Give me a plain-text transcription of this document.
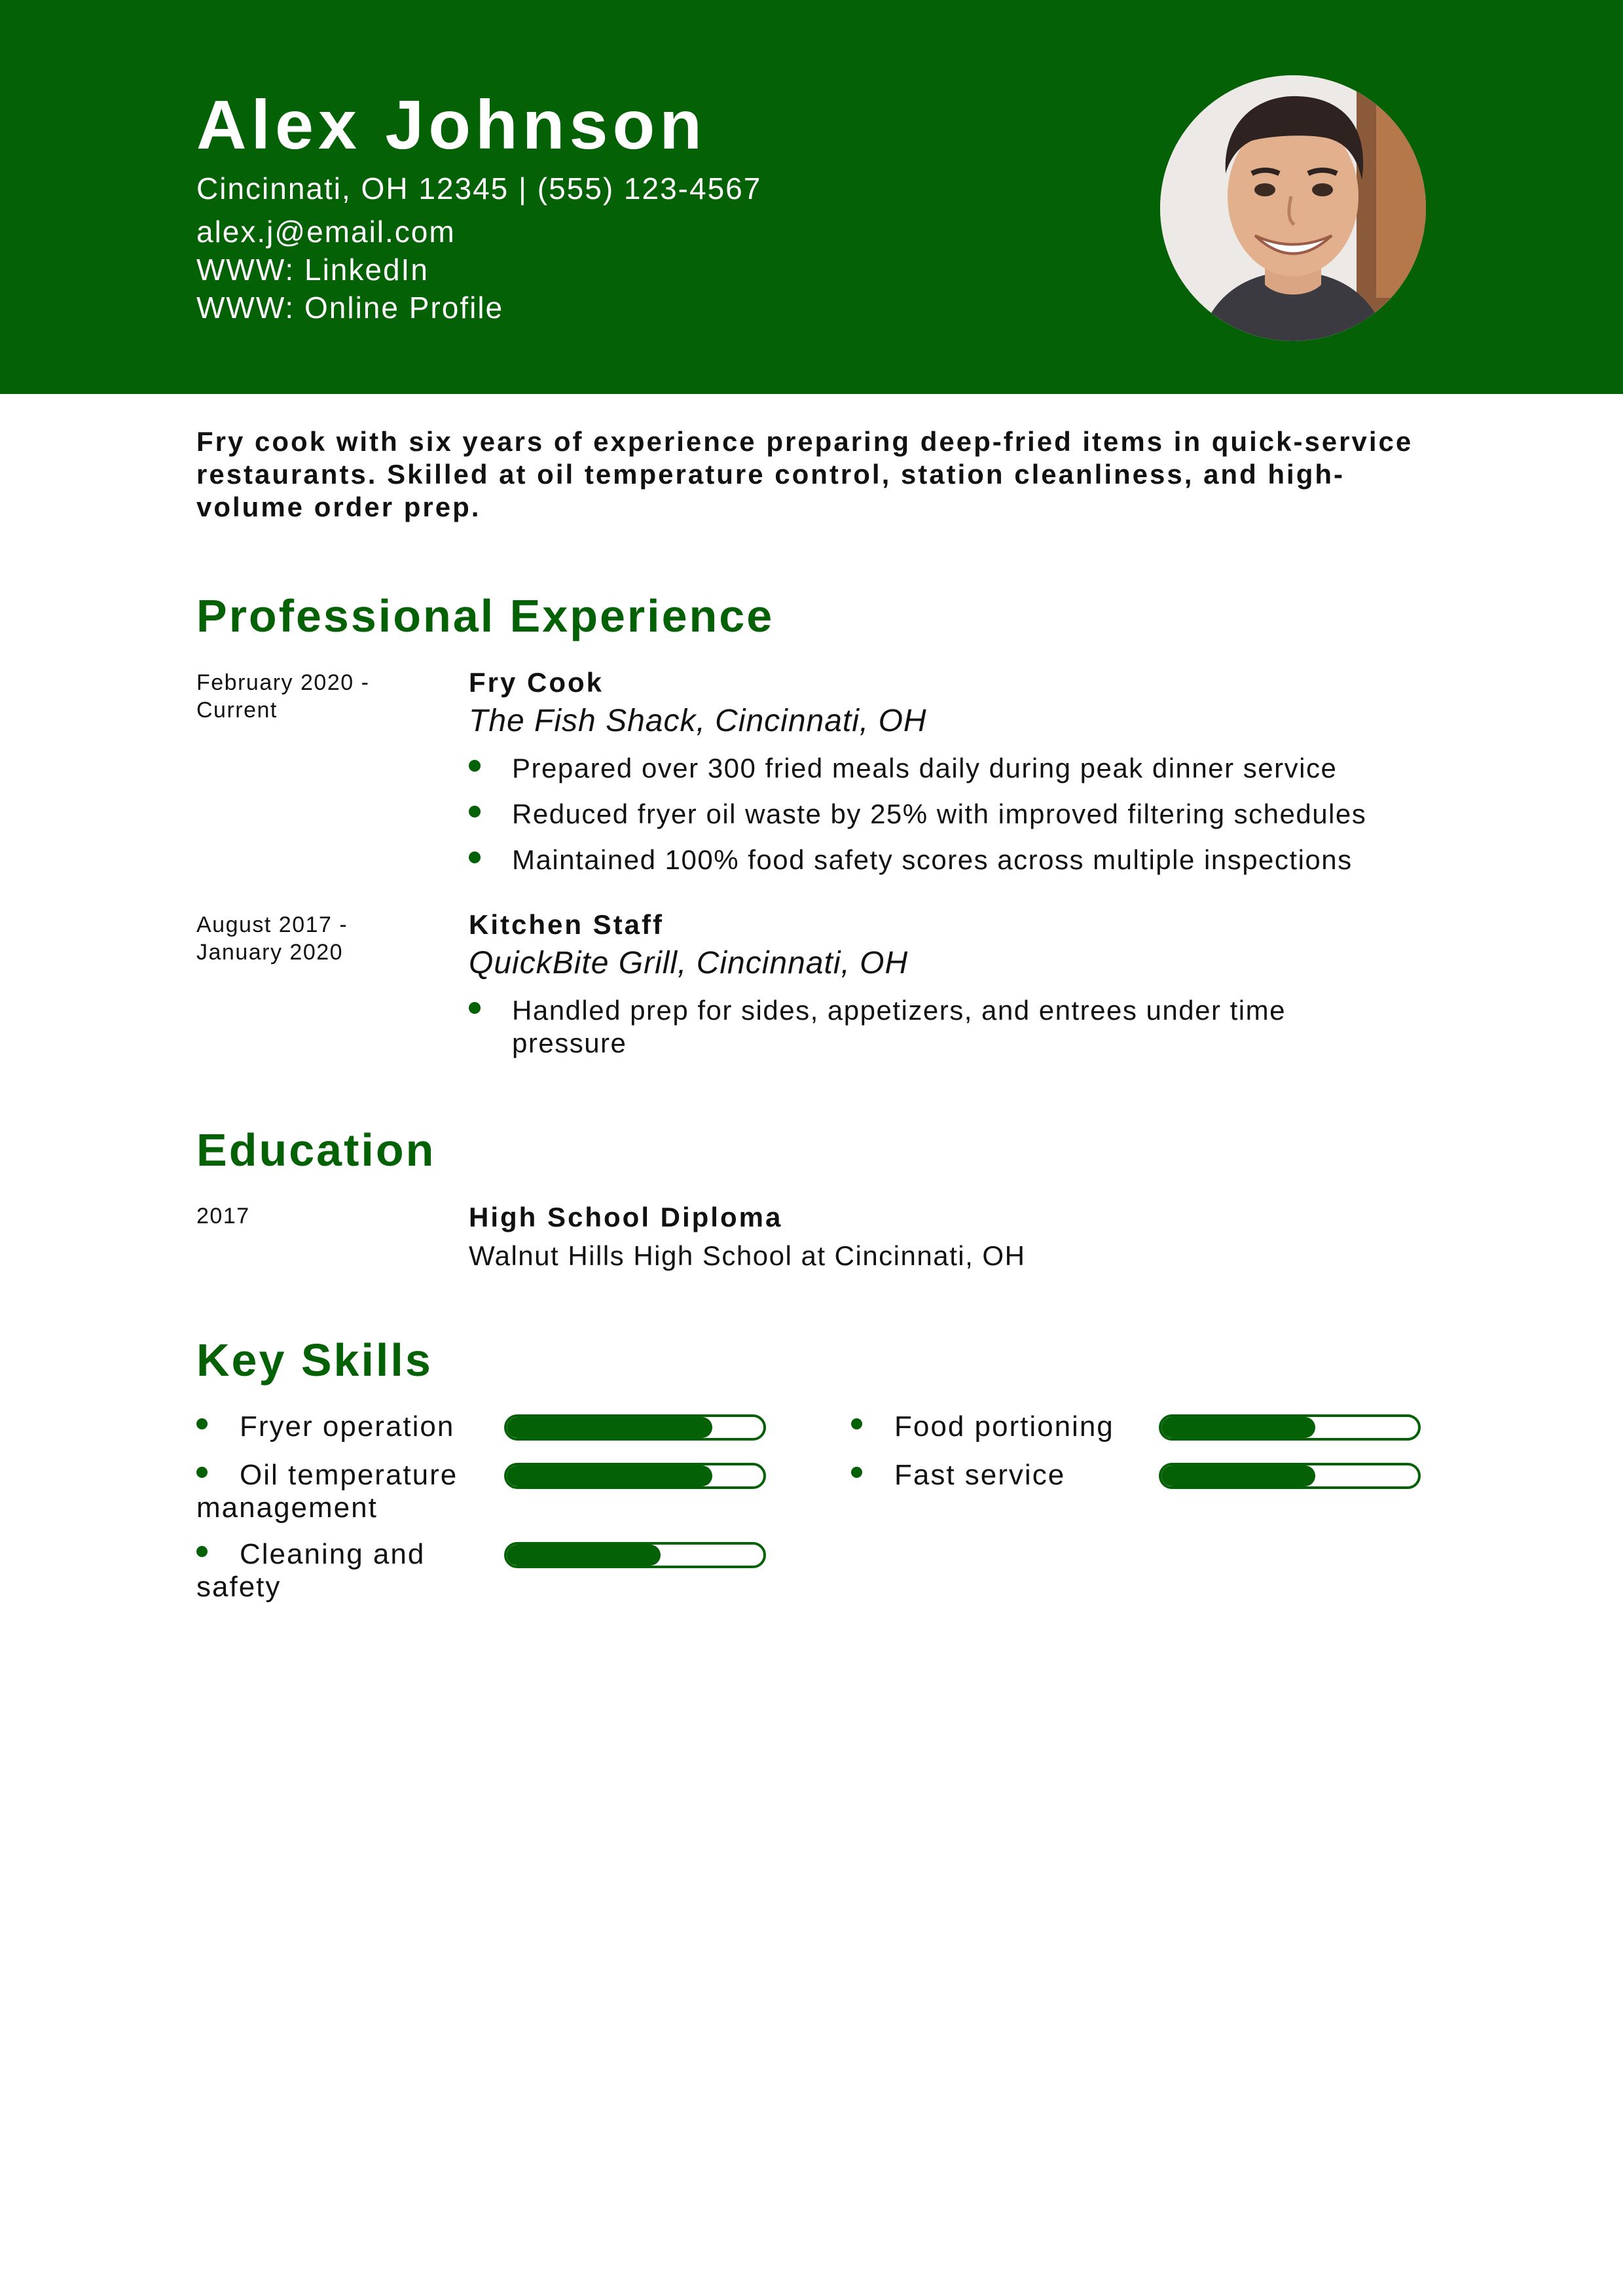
Alex Johnson
Cincinnati, OH 12345 | (555) 123-4567
alex.j@email.com
WWW: LinkedIn
WWW: Online Profile
Fry cook with six years of experience preparing deep-fried items in quick-service restaurants. Skilled at oil temperature control, station cleanliness, and high-volume order prep.
Professional Experience
February 2020 - Current
Fry Cook
The Fish Shack, Cincinnati, OH
Prepared over 300 fried meals daily during peak dinner service
Reduced fryer oil waste by 25% with improved filtering schedules
Maintained 100% food safety scores across multiple inspections
August 2017 - January 2020
Kitchen Staff
QuickBite Grill, Cincinnati, OH
Handled prep for sides, appetizers, and entrees under time pressure
Education
2017	High School Diploma
Walnut Hills High School at Cincinnati, OH
Key Skills
Fryer operation
Oil temperature management
Cleaning and safety
Food portioning
Fast service
